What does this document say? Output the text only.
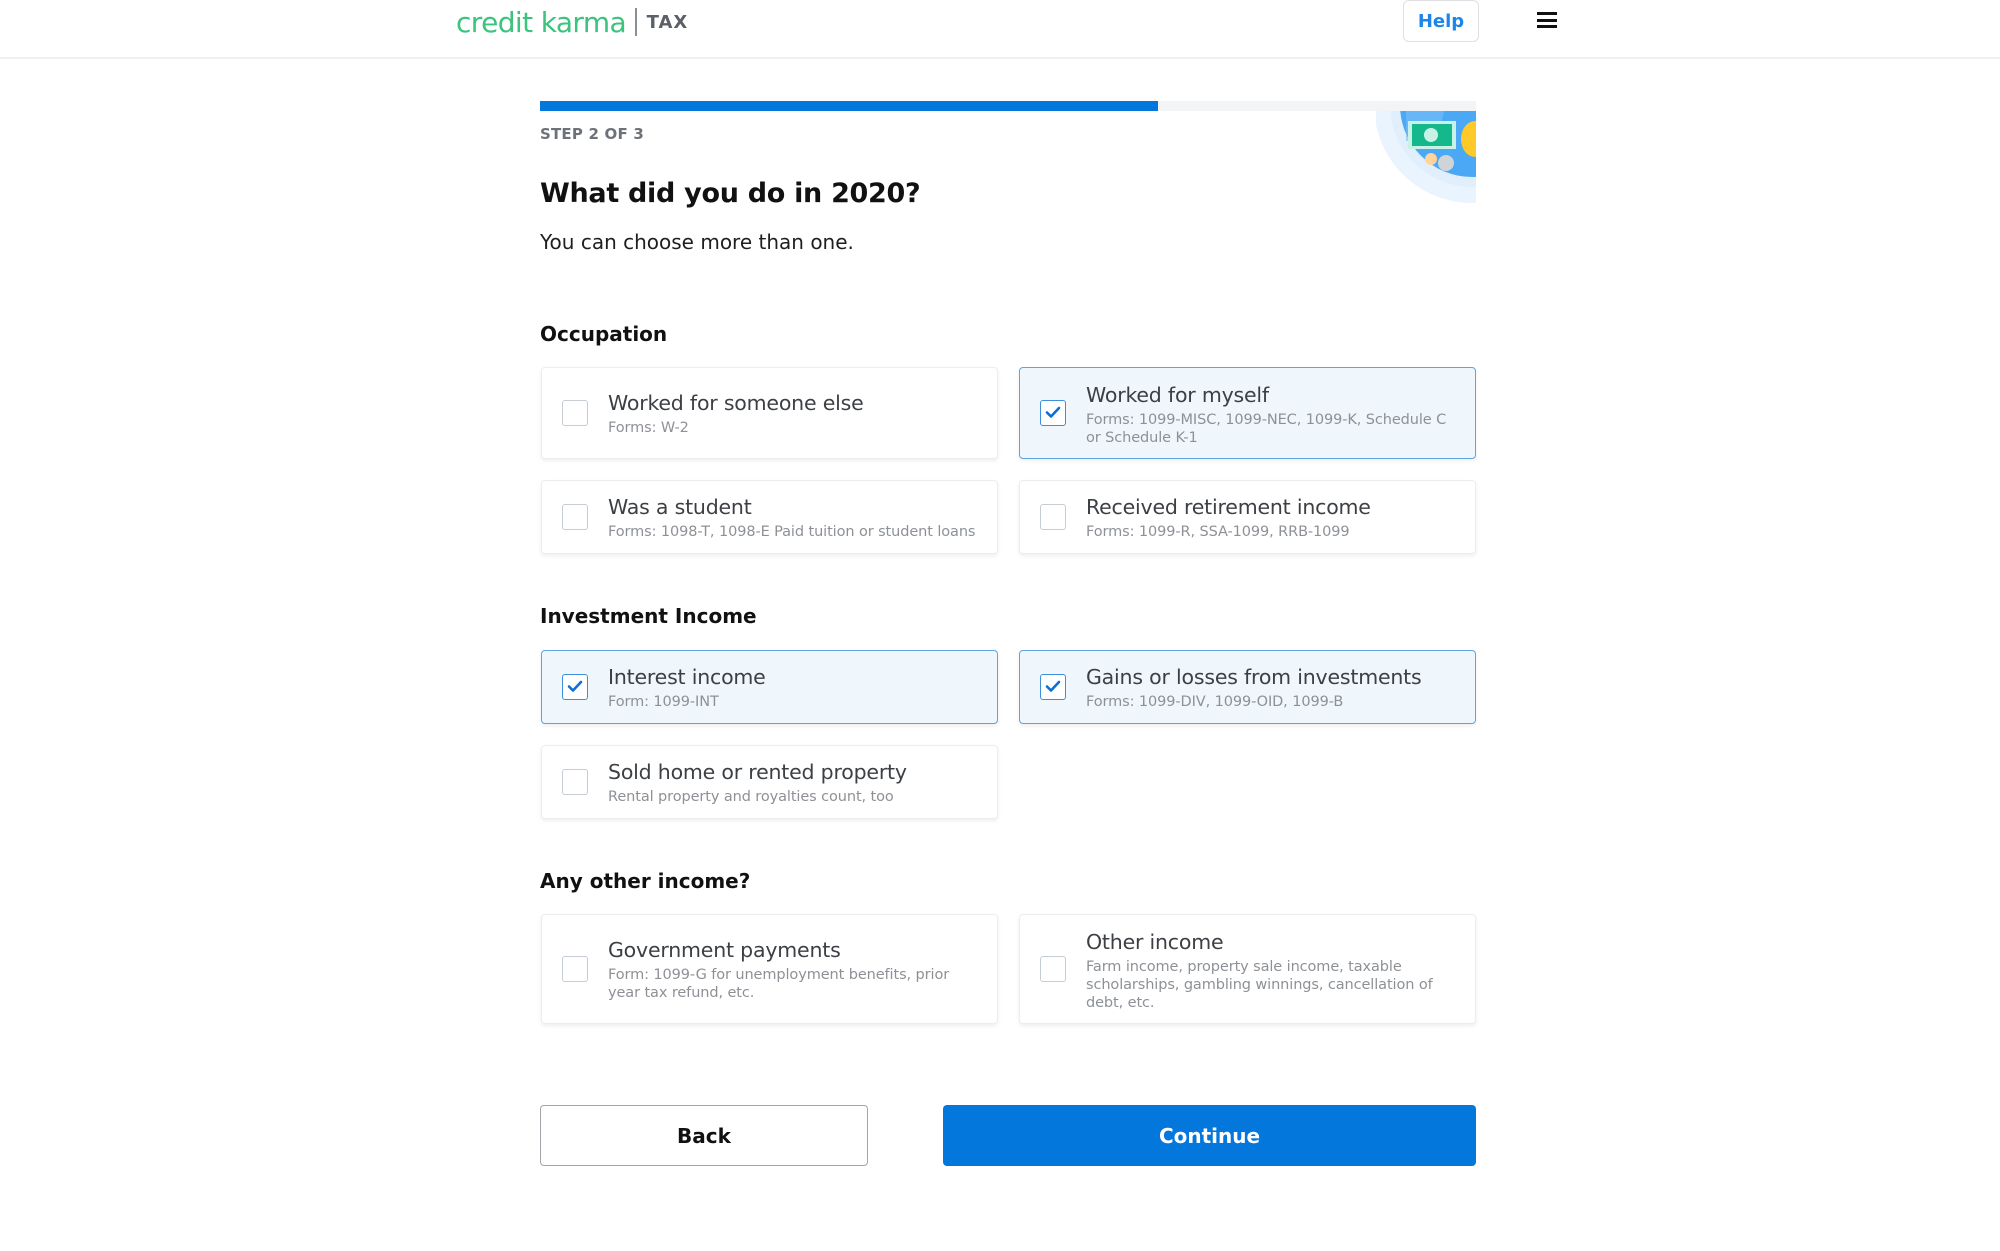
credit karma TAX	Help
STEP 2 OF 3
What did you do in 2020?

You can choose more than one.

Occupation
Worked for someone else
Forms: W-2
Worked for myself
Forms: 1099-MISC, 1099-NEC, 1099-K, Schedule C or Schedule K-1
Was a student
Forms: 1098-T, 1098-E Paid tuition or student loans
Received retirement income
Forms: 1099-R, SSA-1099, RRB-1099
Investment Income
Interest income
Form: 1099-INT
Gains or losses from investments
Forms: 1099-DIV, 1099-OID, 1099-B
Sold home or rented property
Rental property and royalties count, too
Any other income?
Government payments
Form: 1099-G for unemployment benefits, prior year tax refund, etc.
Other income
Farm income, property sale income, taxable scholarships, gambling winnings, cancellation of debt, etc.
Back	Continue
